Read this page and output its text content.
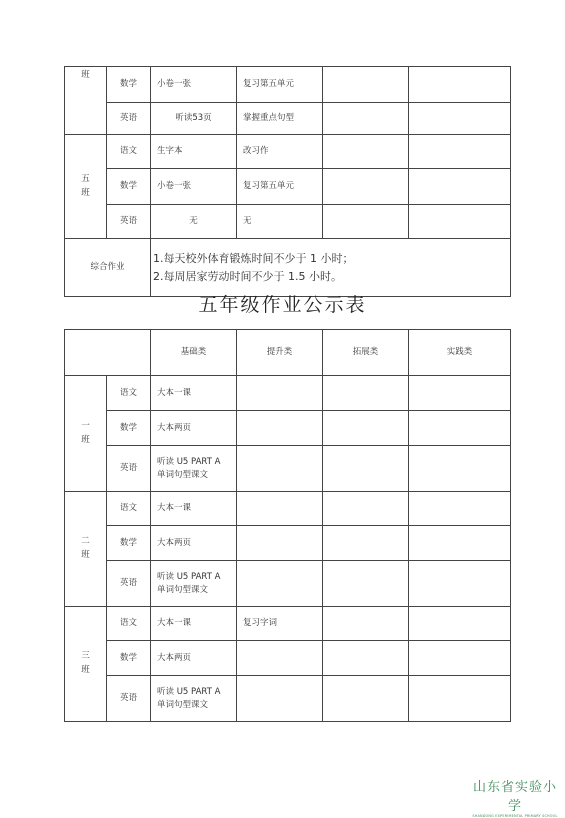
班	数学	小卷一张	复习第五单元		
	英语	听读53页	掌握重点句型		
五班	语文	生字本	改习作		
	数学	小卷一张	复习第五单元		
	英语	无	无		
综合作业		1.每天校外体育锻炼时间不少于 1 小时；
2.每周居家劳动时间不少于 1.5 小时。			
五年级作业公示表
		基础类	提升类	拓展类	实践类
一班	语文	大本一课			
	数学	大本两页			
	英语	听读 U5 PART A 单词句型课文			
二班	语文	大本一课			
	数学	大本两页			
	英语	听读 U5 PART A 单词句型课文			
三班	语文	大本一课	复习字词		
	数学	大本两页			
	英语	听读 U5 PART A 单词句型课文			
山东省实验小学
SHANDONG EXPERIMENTAL PRIMARY SCHOOL
